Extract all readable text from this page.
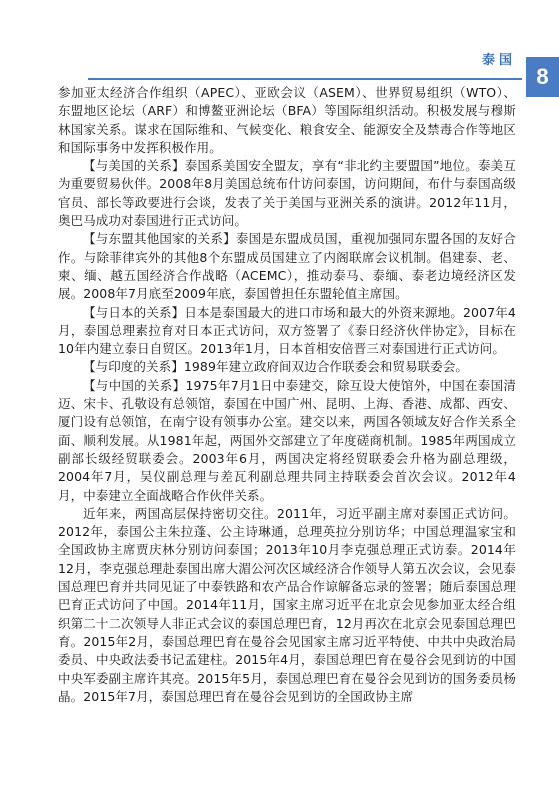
泰国
8

参加亚太经济合作组织（APEC）、亚欧会议（ASEM）、世界贸易组织（WTO）、东盟地区论坛（ARF）和博鳌亚洲论坛（BFA）等国际组织活动。积极发展与穆斯林国家关系。谋求在国际维和、气候变化、粮食安全、能源安全及禁毒合作等地区和国际事务中发挥积极作用。

【与美国的关系】泰国系美国安全盟友，享有“非北约主要盟国”地位。泰美互为重要贸易伙伴。2008年8月美国总统布什访问泰国，访问期间，布什与泰国高级官员、部长等政要进行会谈，发表了关于美国与亚洲关系的演讲。2012年11月，奥巴马成功对泰国进行正式访问。

【与东盟其他国家的关系】泰国是东盟成员国，重视加强同东盟各国的友好合作。与除菲律宾外的其他8个东盟成员国建立了内阁联席会议机制。倡建泰、老、柬、缅、越五国经济合作战略（ACEMC），推动泰马、泰缅、泰老边境经济区发展。2008年7月底至2009年底，泰国曾担任东盟轮值主席国。

【与日本的关系】日本是泰国最大的进口市场和最大的外资来源地。2007年4月，泰国总理素拉育对日本正式访问，双方签署了《泰日经济伙伴协定》，目标在10年内建立泰日自贸区。2013年1月，日本首相安倍晋三对泰国进行正式访问。

【与印度的关系】1989年建立政府间双边合作联委会和贸易联委会。

【与中国的关系】1975年7月1日中泰建交，除互设大使馆外，中国在泰国清迈、宋卡、孔敬设有总领馆，泰国在中国广州、昆明、上海、香港、成都、西安、厦门设有总领馆，在南宁设有领事办公室。建交以来，两国各领域友好合作关系全面、顺利发展。从1981年起，两国外交部建立了年度磋商机制。1985年两国成立副部长级经贸联委会。2003年6月，两国决定将经贸联委会升格为副总理级，2004年7月，吴仪副总理与差瓦利副总理共同主持联委会首次会议。2012年4月，中泰建立全面战略合作伙伴关系。

近年来，两国高层保持密切交往。2011年，习近平副主席对泰国正式访问。2012年，泰国公主朱拉蓬、公主诗琳通，总理英拉分别访华；中国总理温家宝和全国政协主席贾庆林分别访问泰国；2013年10月李克强总理正式访泰。2014年12月，李克强总理赴泰国出席大湄公河次区域经济合作领导人第五次会议，会见泰国总理巴育并共同见证了中泰铁路和农产品合作谅解备忘录的签署；随后泰国总理巴育正式访问了中国。2014年11月，国家主席习近平在北京会见参加亚太经合组织第二十二次领导人非正式会议的泰国总理巴育，12月再次在北京会见泰国总理巴育。2015年2月，泰国总理巴育在曼谷会见国家主席习近平特使、中共中央政治局委员、中央政法委书记孟建柱。2015年4月，泰国总理巴育在曼谷会见到访的中国中央军委副主席许其亮。2015年5月，泰国总理巴育在曼谷会见到访的国务委员杨晶。2015年7月，泰国总理巴育在曼谷会见到访的全国政协主席
